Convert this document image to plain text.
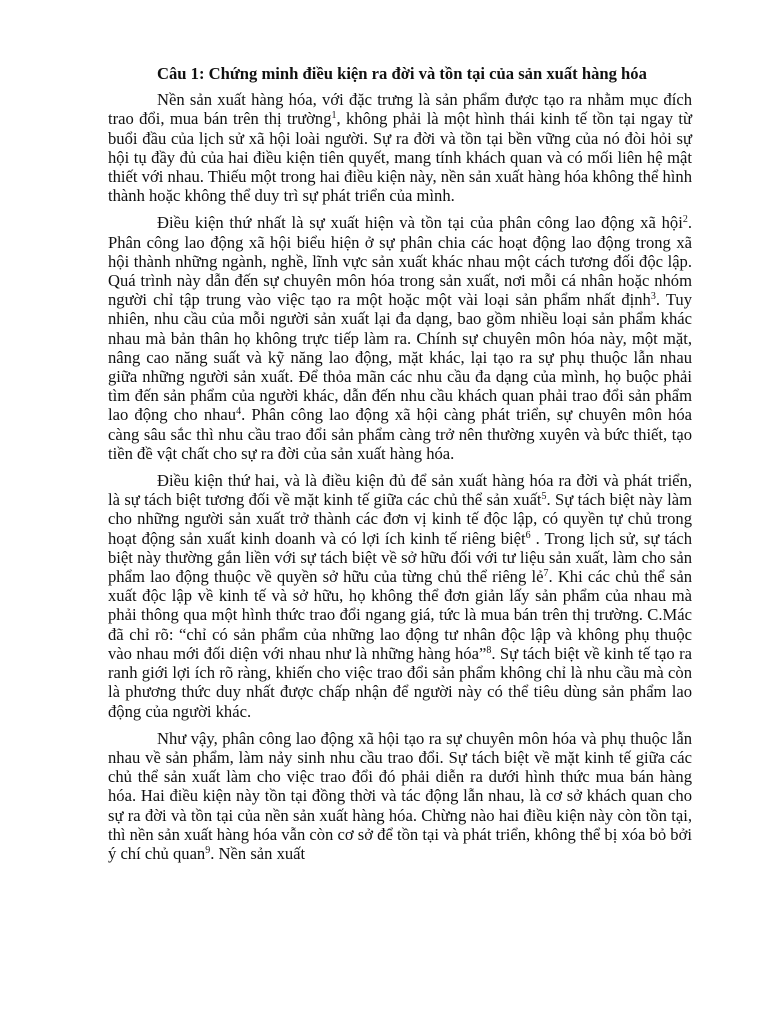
Câu 1: Chứng minh điều kiện ra đời và tồn tại của sản xuất hàng hóa

Nền sản xuất hàng hóa, với đặc trưng là sản phẩm được tạo ra nhằm mục đích trao đổi, mua bán trên thị trường$^1$, không phải là một hình thái kinh tế tồn tại ngay từ buổi đầu của lịch sử xã hội loài người. Sự ra đời và tồn tại bền vững của nó đòi hỏi sự hội tụ đầy đủ của hai điều kiện tiên quyết, mang tính khách quan và có mối liên hệ mật thiết với nhau. Thiếu một trong hai điều kiện này, nền sản xuất hàng hóa không thể hình thành hoặc không thể duy trì sự phát triển của mình.

Điều kiện thứ nhất là sự xuất hiện và tồn tại của phân công lao động xã hội$^2$. Phân công lao động xã hội biểu hiện ở sự phân chia các hoạt động lao động trong xã hội thành những ngành, nghề, lĩnh vực sản xuất khác nhau một cách tương đối độc lập. Quá trình này dẫn đến sự chuyên môn hóa trong sản xuất, nơi mỗi cá nhân hoặc nhóm người chỉ tập trung vào việc tạo ra một hoặc một vài loại sản phẩm nhất định$^3$. Tuy nhiên, nhu cầu của mỗi người sản xuất lại đa dạng, bao gồm nhiều loại sản phẩm khác nhau mà bản thân họ không trực tiếp làm ra. Chính sự chuyên môn hóa này, một mặt, nâng cao năng suất và kỹ năng lao động, mặt khác, lại tạo ra sự phụ thuộc lẫn nhau giữa những người sản xuất. Để thỏa mãn các nhu cầu đa dạng của mình, họ buộc phải tìm đến sản phẩm của người khác, dẫn đến nhu cầu khách quan phải trao đổi sản phẩm lao động cho nhau$^4$. Phân công lao động xã hội càng phát triển, sự chuyên môn hóa càng sâu sắc thì nhu cầu trao đổi sản phẩm càng trở nên thường xuyên và bức thiết, tạo tiền đề vật chất cho sự ra đời của sản xuất hàng hóa.

Điều kiện thứ hai, và là điều kiện đủ để sản xuất hàng hóa ra đời và phát triển, là sự tách biệt tương đối về mặt kinh tế giữa các chủ thể sản xuất$^5$. Sự tách biệt này làm cho những người sản xuất trở thành các đơn vị kinh tế độc lập, có quyền tự chủ trong hoạt động sản xuất kinh doanh và có lợi ích kinh tế riêng biệt$^6$ . Trong lịch sử, sự tách biệt này thường gắn liền với sự tách biệt về sở hữu đối với tư liệu sản xuất, làm cho sản phẩm lao động thuộc về quyền sở hữu của từng chủ thể riêng lẻ$^7$. Khi các chủ thể sản xuất độc lập về kinh tế và sở hữu, họ không thể đơn giản lấy sản phẩm của nhau mà phải thông qua một hình thức trao đổi ngang giá, tức là mua bán trên thị trường. C.Mác đã chỉ rõ: “chỉ có sản phẩm của những lao động tư nhân độc lập và không phụ thuộc vào nhau mới đối diện với nhau như là những hàng hóa”$^8$. Sự tách biệt về kinh tế tạo ra ranh giới lợi ích rõ ràng, khiến cho việc trao đổi sản phẩm không chỉ là nhu cầu mà còn là phương thức duy nhất được chấp nhận để người này có thể tiêu dùng sản phẩm lao động của người khác.

Như vậy, phân công lao động xã hội tạo ra sự chuyên môn hóa và phụ thuộc lẫn nhau về sản phẩm, làm nảy sinh nhu cầu trao đổi. Sự tách biệt về mặt kinh tế giữa các chủ thể sản xuất làm cho việc trao đổi đó phải diễn ra dưới hình thức mua bán hàng hóa. Hai điều kiện này tồn tại đồng thời và tác động lẫn nhau, là cơ sở khách quan cho sự ra đời và tồn tại của nền sản xuất hàng hóa. Chừng nào hai điều kiện này còn tồn tại, thì nền sản xuất hàng hóa vẫn còn cơ sở để tồn tại và phát triển, không thể bị xóa bỏ bởi ý chí chủ quan$^9$. Nền sản xuất
